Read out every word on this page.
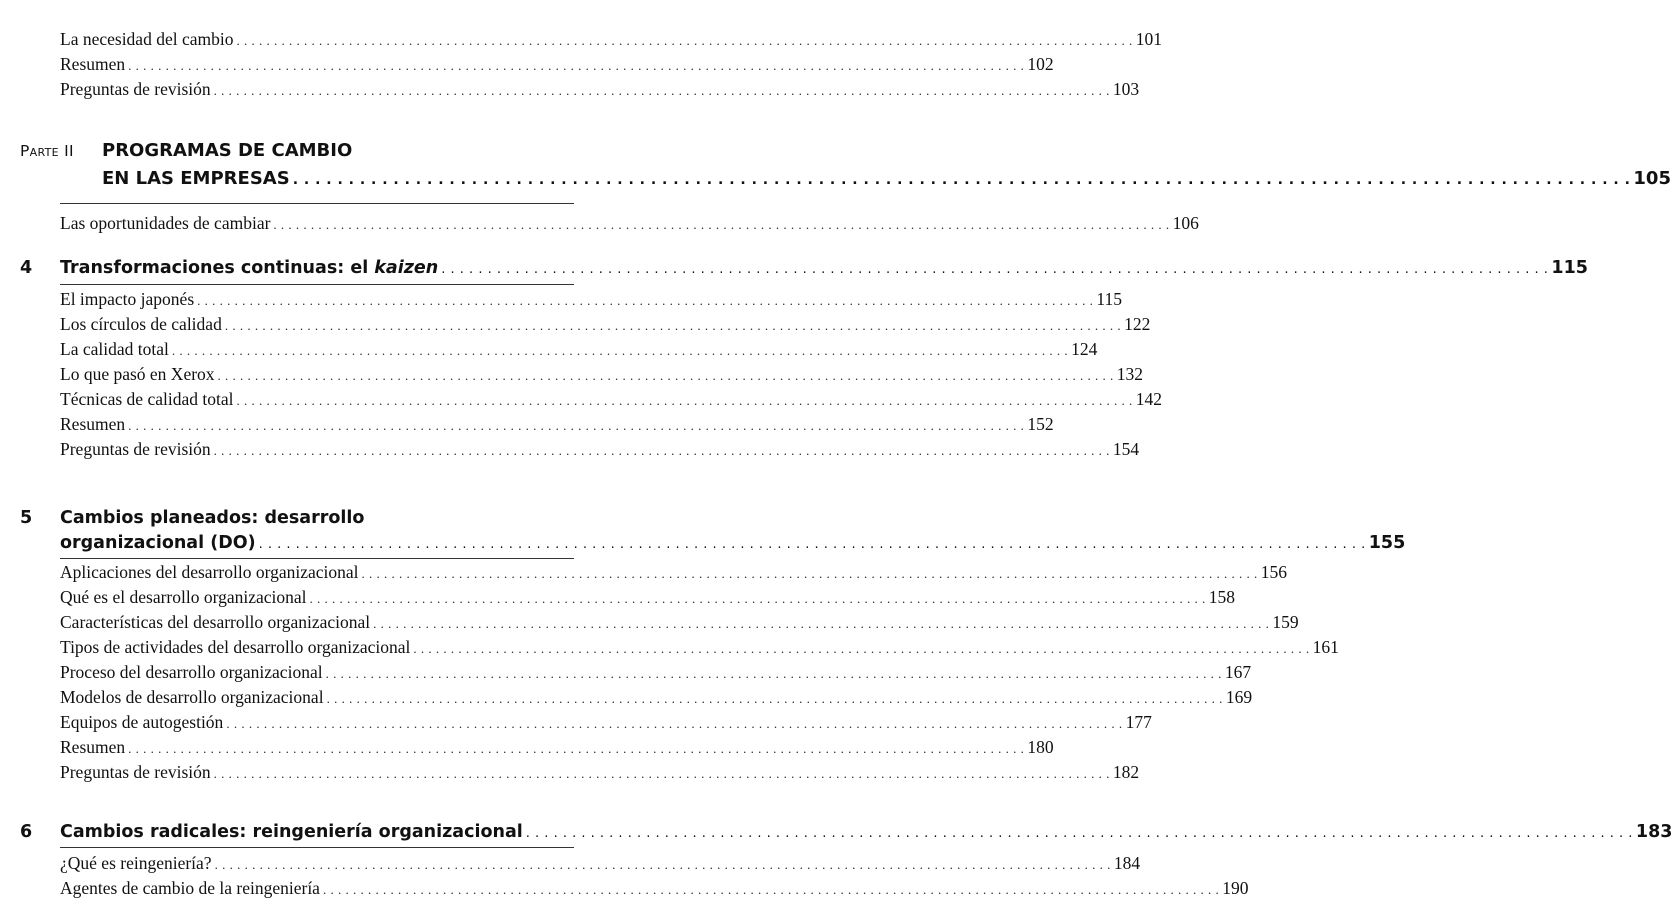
La necesidad del cambio . . . . . . . . . . . . . . . . . . . . . . . . . . . . . . . . . . . . . . . . . . . . . . . . . . . . . . . . . . . . . . . . . . . . . . . . . . . . . . . . . . . . . . . . . . . . . . . . . . . . . . . . . . . . . . . . . . . . . . . . 101
Resumen . . . . . . . . . . . . . . . . . . . . . . . . . . . . . . . . . . . . . . . . . . . . . . . . . . . . . . . . . . . . . . . . . . . . . . . . . . . . . . . . . . . . . . . . . . . . . . . . . . . . . . . . . . . . . . . . . . . . . . . . 102
Preguntas de revisión . . . . . . . . . . . . . . . . . . . . . . . . . . . . . . . . . . . . . . . . . . . . . . . . . . . . . . . . . . . . . . . . . . . . . . . . . . . . . . . . . . . . . . . . . . . . . . . . . . . . . . . . . . . . . . . . . . . . . . . . 103
Parte II	PROGRAMAS DE CAMBIO
EN LAS EMPRESAS . . . . . . . . . . . . . . . . . . . . . . . . . . . . . . . . . . . . . . . . . . . . . . . . . . . . . . . . . . . . . . . . . . . . . . . . . . . . . . . . . . . . . . . . . . . . . . . . . . . . . . . . . . . . . . . . . . . . . . . . 105
Las oportunidades de cambiar . . . . . . . . . . . . . . . . . . . . . . . . . . . . . . . . . . . . . . . . . . . . . . . . . . . . . . . . . . . . . . . . . . . . . . . . . . . . . . . . . . . . . . . . . . . . . . . . . . . . . . . . . . . . . . . . . . . . . . . . 106
4	Transformaciones continuas: el kaizen . . . . . . . . . . . . . . . . . . . . . . . . . . . . . . . . . . . . . . . . . . . . . . . . . . . . . . . . . . . . . . . . . . . . . . . . . . . . . . . . . . . . . . . . . . . . . . . . . . . . . . . . . . . . . . . . . . . . . . . . 115
El impacto japonés . . . . . . . . . . . . . . . . . . . . . . . . . . . . . . . . . . . . . . . . . . . . . . . . . . . . . . . . . . . . . . . . . . . . . . . . . . . . . . . . . . . . . . . . . . . . . . . . . . . . . . . . . . . . . . . . . . . . . . . . 115
Los círculos de calidad . . . . . . . . . . . . . . . . . . . . . . . . . . . . . . . . . . . . . . . . . . . . . . . . . . . . . . . . . . . . . . . . . . . . . . . . . . . . . . . . . . . . . . . . . . . . . . . . . . . . . . . . . . . . . . . . . . . . . . . . 122
La calidad total . . . . . . . . . . . . . . . . . . . . . . . . . . . . . . . . . . . . . . . . . . . . . . . . . . . . . . . . . . . . . . . . . . . . . . . . . . . . . . . . . . . . . . . . . . . . . . . . . . . . . . . . . . . . . . . . . . . . . . . . 124
Lo que pasó en Xerox . . . . . . . . . . . . . . . . . . . . . . . . . . . . . . . . . . . . . . . . . . . . . . . . . . . . . . . . . . . . . . . . . . . . . . . . . . . . . . . . . . . . . . . . . . . . . . . . . . . . . . . . . . . . . . . . . . . . . . . . 132
Técnicas de calidad total . . . . . . . . . . . . . . . . . . . . . . . . . . . . . . . . . . . . . . . . . . . . . . . . . . . . . . . . . . . . . . . . . . . . . . . . . . . . . . . . . . . . . . . . . . . . . . . . . . . . . . . . . . . . . . . . . . . . . . . . 142
Resumen . . . . . . . . . . . . . . . . . . . . . . . . . . . . . . . . . . . . . . . . . . . . . . . . . . . . . . . . . . . . . . . . . . . . . . . . . . . . . . . . . . . . . . . . . . . . . . . . . . . . . . . . . . . . . . . . . . . . . . . . 152
Preguntas de revisión . . . . . . . . . . . . . . . . . . . . . . . . . . . . . . . . . . . . . . . . . . . . . . . . . . . . . . . . . . . . . . . . . . . . . . . . . . . . . . . . . . . . . . . . . . . . . . . . . . . . . . . . . . . . . . . . . . . . . . . . 154
5	Cambios planeados: desarrollo
organizacional (DO) . . . . . . . . . . . . . . . . . . . . . . . . . . . . . . . . . . . . . . . . . . . . . . . . . . . . . . . . . . . . . . . . . . . . . . . . . . . . . . . . . . . . . . . . . . . . . . . . . . . . . . . . . . . . . . . . . . . . . . . . 155
Aplicaciones del desarrollo organizacional . . . . . . . . . . . . . . . . . . . . . . . . . . . . . . . . . . . . . . . . . . . . . . . . . . . . . . . . . . . . . . . . . . . . . . . . . . . . . . . . . . . . . . . . . . . . . . . . . . . . . . . . . . . . . . . . . . . . . . . . 156
Qué es el desarrollo organizacional . . . . . . . . . . . . . . . . . . . . . . . . . . . . . . . . . . . . . . . . . . . . . . . . . . . . . . . . . . . . . . . . . . . . . . . . . . . . . . . . . . . . . . . . . . . . . . . . . . . . . . . . . . . . . . . . . . . . . . . . 158
Características del desarrollo organizacional . . . . . . . . . . . . . . . . . . . . . . . . . . . . . . . . . . . . . . . . . . . . . . . . . . . . . . . . . . . . . . . . . . . . . . . . . . . . . . . . . . . . . . . . . . . . . . . . . . . . . . . . . . . . . . . . . . . . . . . . 159
Tipos de actividades del desarrollo organizacional . . . . . . . . . . . . . . . . . . . . . . . . . . . . . . . . . . . . . . . . . . . . . . . . . . . . . . . . . . . . . . . . . . . . . . . . . . . . . . . . . . . . . . . . . . . . . . . . . . . . . . . . . . . . . . . . . . . . . . . . 161
Proceso del desarrollo organizacional . . . . . . . . . . . . . . . . . . . . . . . . . . . . . . . . . . . . . . . . . . . . . . . . . . . . . . . . . . . . . . . . . . . . . . . . . . . . . . . . . . . . . . . . . . . . . . . . . . . . . . . . . . . . . . . . . . . . . . . . 167
Modelos de desarrollo organizacional . . . . . . . . . . . . . . . . . . . . . . . . . . . . . . . . . . . . . . . . . . . . . . . . . . . . . . . . . . . . . . . . . . . . . . . . . . . . . . . . . . . . . . . . . . . . . . . . . . . . . . . . . . . . . . . . . . . . . . . . 169
Equipos de autogestión . . . . . . . . . . . . . . . . . . . . . . . . . . . . . . . . . . . . . . . . . . . . . . . . . . . . . . . . . . . . . . . . . . . . . . . . . . . . . . . . . . . . . . . . . . . . . . . . . . . . . . . . . . . . . . . . . . . . . . . . 177
Resumen . . . . . . . . . . . . . . . . . . . . . . . . . . . . . . . . . . . . . . . . . . . . . . . . . . . . . . . . . . . . . . . . . . . . . . . . . . . . . . . . . . . . . . . . . . . . . . . . . . . . . . . . . . . . . . . . . . . . . . . . 180
Preguntas de revisión . . . . . . . . . . . . . . . . . . . . . . . . . . . . . . . . . . . . . . . . . . . . . . . . . . . . . . . . . . . . . . . . . . . . . . . . . . . . . . . . . . . . . . . . . . . . . . . . . . . . . . . . . . . . . . . . . . . . . . . . 182
6	Cambios radicales: reingeniería organizacional . . . . . . . . . . . . . . . . . . . . . . . . . . . . . . . . . . . . . . . . . . . . . . . . . . . . . . . . . . . . . . . . . . . . . . . . . . . . . . . . . . . . . . . . . . . . . . . . . . . . . . . . . . . . . . . . . . . . . . . . 183
¿Qué es reingeniería? . . . . . . . . . . . . . . . . . . . . . . . . . . . . . . . . . . . . . . . . . . . . . . . . . . . . . . . . . . . . . . . . . . . . . . . . . . . . . . . . . . . . . . . . . . . . . . . . . . . . . . . . . . . . . . . . . . . . . . . . 184
Agentes de cambio de la reingeniería . . . . . . . . . . . . . . . . . . . . . . . . . . . . . . . . . . . . . . . . . . . . . . . . . . . . . . . . . . . . . . . . . . . . . . . . . . . . . . . . . . . . . . . . . . . . . . . . . . . . . . . . . . . . . . . . . . . . . . . . 190
